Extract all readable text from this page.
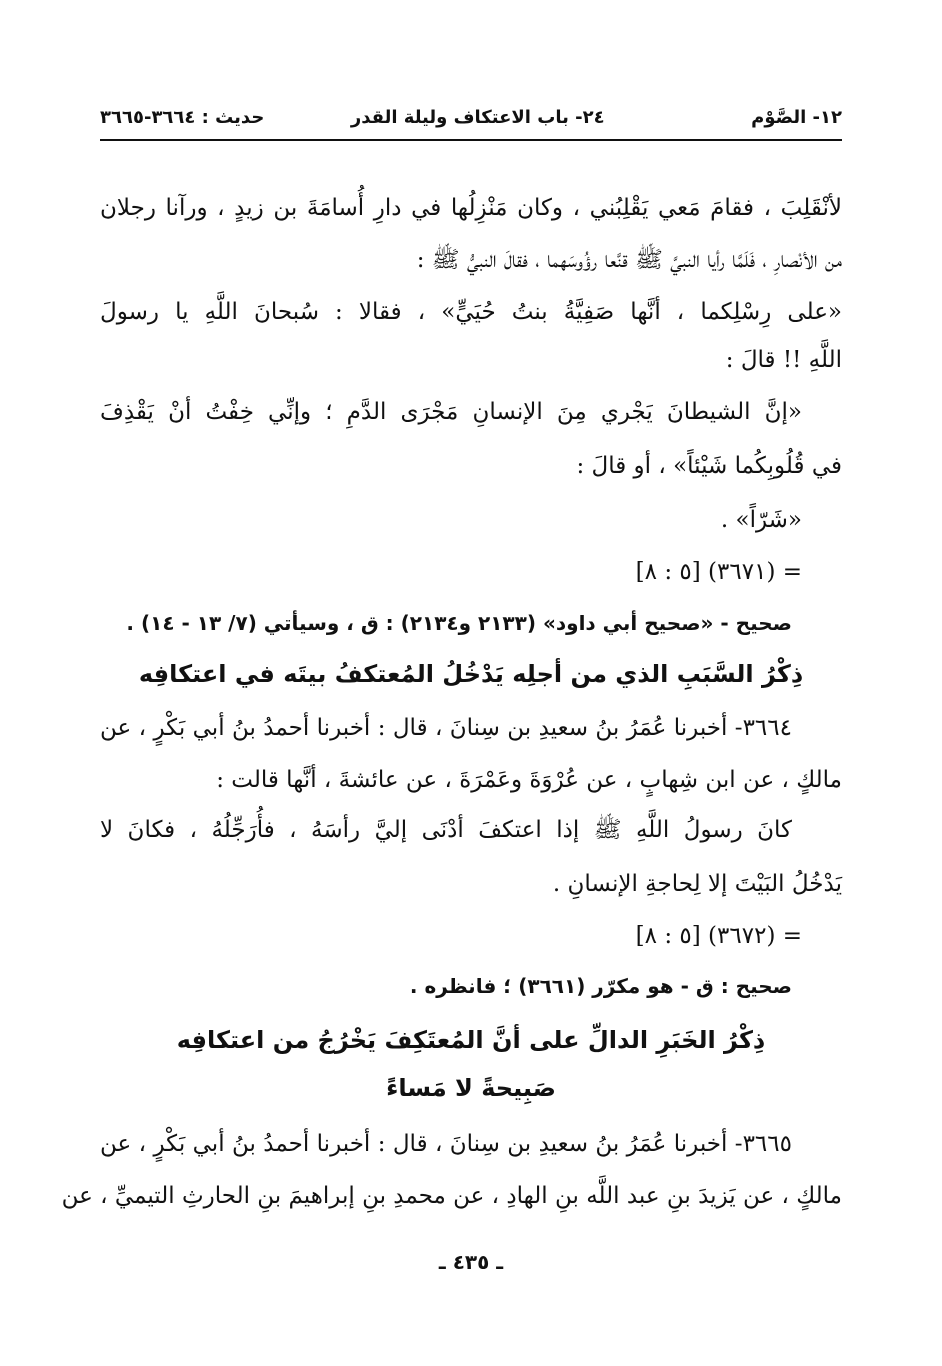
١٢- الصَّوْم
٢٤- باب الاعتكاف وليلة القدر
حديث : ٣٦٦٤-٣٦٦٥
لأنْقَلِبَ ، فقامَ مَعي يَقْلِبُني ، وكان مَنْزِلُها في دارِ أُسامَةَ بن زيدٍ ، ورآنا رجلان
من الأنْصارِ ، فَلَمَّا رأيا النبيَّ ﷺ قنَّعا رؤُوسَهما ، فقالَ النبيُّ ﷺ :
«على رِسْلِكما ، أنَّها صَفِيَّةُ بنتُ حُيَيٍّ» ، فقالا : سُبحانَ اللَّهِ يا رسولَ
اللَّهِ !! قالَ :
«إنَّ الشيطانَ يَجْري مِنَ الإنسانِ مَجْرَى الدَّمِ ؛ وإنِّي خِفْتُ أنْ يَقْذِفَ
في قُلُوبِكُما شَيْئاً» ، أو قالَ :
«شَرّاً» .
= (٣٦٧١) [٥ : ٨]
صحيح - «صحيح أبي داود» (٢١٣٣ و٢١٣٤) : ق ، وسيأتي (٧/ ١٣ - ١٤) .
ذِكْرُ السَّبَبِ الذي من أجلِه يَدْخُلُ المُعتكفُ بيتَه في اعتكافِه
٣٦٦٤- أخبرنا عُمَرُ بنُ سعيدِ بن سِنانَ ، قال : أخبرنا أحمدُ بنُ أبي بَكْرٍ ، عن
مالكٍ ، عن ابن شِهابٍ ، عن عُرْوَةَ وعَمْرَةَ ، عن عائشةَ ، أنَّها قالت :
كانَ رسولُ اللَّهِ ﷺ إذا اعتكفَ أدْنَى إليَّ رأسَهُ ، فأُرَجِّلُهُ ، فكانَ لا
يَدْخُلُ البَيْتَ إلا لِحاجةِ الإنسانِ .
= (٣٦٧٢) [٥ : ٨]
صحيح : ق - هو مكرّر (٣٦٦١) ؛ فانظره .
ذِكْرُ الخَبَرِ الدالِّ على أنَّ المُعتَكِفَ يَخْرُجُ من اعتكافِه
صَبِيحةً لا مَساءً
٣٦٦٥- أخبرنا عُمَرُ بنُ سعيدِ بن سِنانَ ، قال : أخبرنا أحمدُ بنُ أبي بَكْرٍ ، عن
مالكٍ ، عن يَزيدَ بنِ عبد اللَّه بنِ الهادِ ، عن محمدِ بنِ إبراهيمَ بنِ الحارثِ التيميِّ ، عن
ـ ٤٣٥ ـ
